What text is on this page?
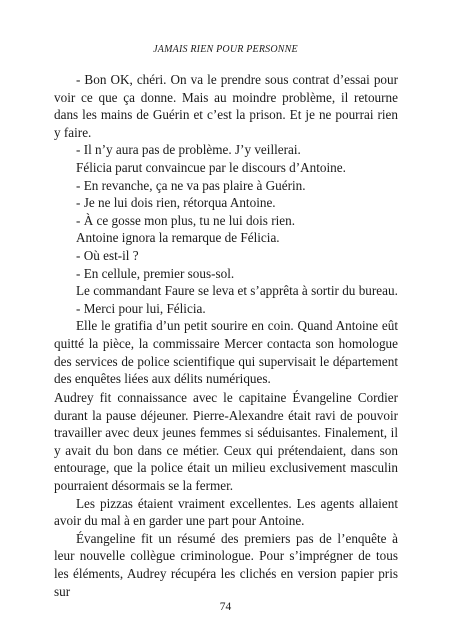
JAMAIS RIEN POUR PERSONNE

- Bon OK, chéri. On va le prendre sous contrat d’essai pour voir ce que ça donne. Mais au moindre problème, il retourne dans les mains de Guérin et c’est la prison. Et je ne pourrai rien y faire.

- Il n’y aura pas de problème. J’y veillerai.

Félicia parut convaincue par le discours d’Antoine.

- En revanche, ça ne va pas plaire à Guérin.

- Je ne lui dois rien, rétorqua Antoine.

- À ce gosse mon plus, tu ne lui dois rien.

Antoine ignora la remarque de Félicia.

- Où est-il ?

- En cellule, premier sous-sol.

Le commandant Faure se leva et s’apprêta à sortir du bureau.

- Merci pour lui, Félicia.

Elle le gratifia d’un petit sourire en coin. Quand Antoine eût quitté la pièce, la commissaire Mercer contacta son homologue des services de police scientifique qui supervisait le département des enquêtes liées aux délits numériques.

Audrey fit connaissance avec le capitaine Évangeline Cordier durant la pause déjeuner. Pierre-Alexandre était ravi de pouvoir travailler avec deux jeunes femmes si séduisantes. Finalement, il y avait du bon dans ce métier. Ceux qui prétendaient, dans son entourage, que la police était un milieu exclusivement masculin pourraient désormais se la fermer.

Les pizzas étaient vraiment excellentes. Les agents allaient avoir du mal à en garder une part pour Antoine.

Évangeline fit un résumé des premiers pas de l’enquête à leur nouvelle collègue criminologue. Pour s’imprégner de tous les éléments, Audrey récupéra les clichés en version papier pris sur

74
